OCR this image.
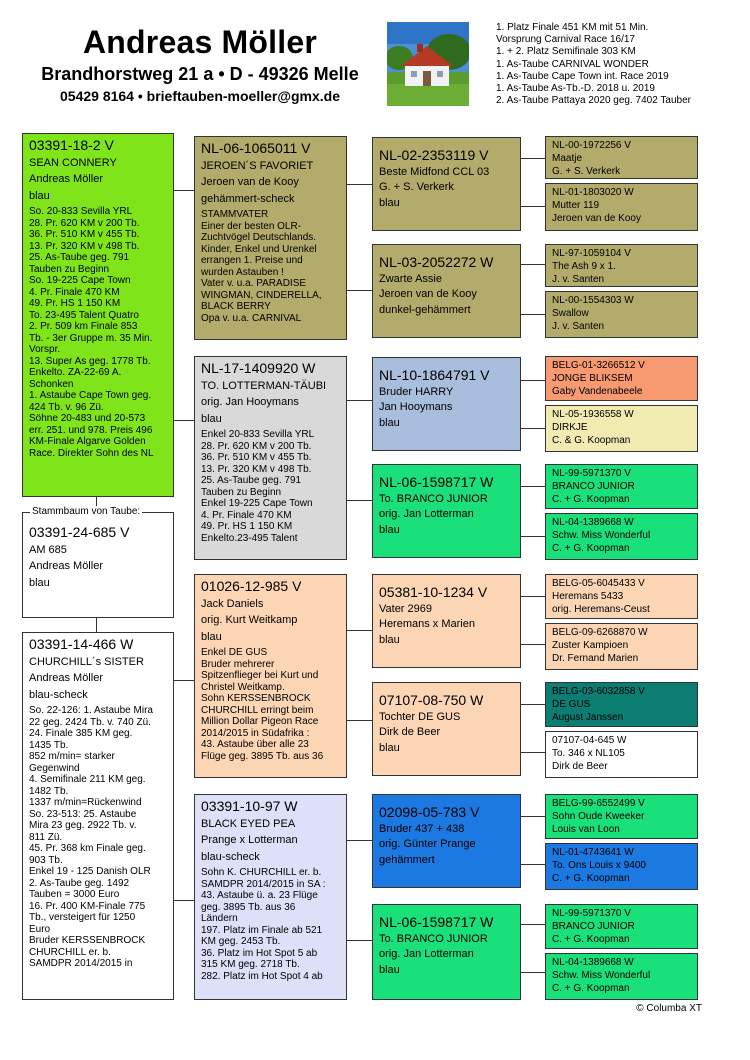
Andreas Möller
Brandhorstweg 21 a • D - 49326 Melle
05429 8164 • brieftauben-moeller@gmx.de
1. Platz Finale 451 KM mit 51 Min.
Vorsprung Carnival Race 16/17
1. + 2. Platz Semifinale 303 KM
1. As-Taube CARNIVAL WONDER
1. As-Taube Cape Town int. Race 2019
1. As-Taube As-Tb.-D. 2018 u. 2019
2. As-Taube Pattaya 2020 geg. 7402 Tauber
03391-18-2 V
SEAN CONNERY
Andreas Möller
blau
So. 20-833 Sevilla YRL
28. Pr. 620 KM v 200 Tb.
36. Pr. 510 KM v 455 Tb.
13. Pr. 320 KM v 498 Tb.
25. As-Taube geg. 791
Tauben zu Beginn
So. 19-225 Cape Town
4. Pr. Finale 470 KM
49. Pr. HS 1 150 KM
To. 23-495 Talent Quatro
2. Pr. 509 km Finale 853
Tb. - 3er Gruppe m. 35 Min.
Vorspr.
13. Super As geg. 1778 Tb.
Enkelto. ZA-22-69 A.
Schonken
1. Astaube Cape Town geg.
424 Tb. v. 96 Zü.
Söhne 20-483 und 20-573
err. 251. und 978. Preis 496
KM-Finale Algarve Golden
Race. Direkter Sohn des NL
03391-24-685 V
AM 685
Andreas Möller
blau
Stammbaum von Taube:
03391-14-466 W
CHURCHILL´s SISTER
Andreas Möller
blau-scheck
So. 22-126: 1. Astaube Mira
22 geg. 2424 Tb. v. 740 Zü.
24. Finale 385 KM geg.
1435 Tb.
852 m/min= starker
Gegenwind
4. Semifinale 211 KM geg.
1482 Tb.
1337 m/min=Rückenwind
So. 23-513: 25. Astaube
Mira 23 geg. 2922 Tb. v.
811 Zü.
45. Pr. 368 km Finale geg.
903 Tb.
Enkel 19 - 125 Danish OLR
2. As-Taube geg. 1492
Tauben = 3000 Euro
16. Pr. 400 KM-Finale 775
Tb., versteigert für 1250
Euro
Bruder KERSSENBROCK
CHURCHILL er. b.
SAMDPR 2014/2015 in
NL-06-1065011 V
JEROEN´S FAVORIET
Jeroen van de Kooy
gehämmert-scheck
STAMMVATER
Einer der besten OLR-
Zuchtvögel Deutschlands.
Kinder, Enkel und Urenkel
errangen 1. Preise und
wurden Astauben !
Vater v. u.a. PARADISE
WINGMAN, CINDERELLA,
BLACK BERRY
Opa v. u.a. CARNIVAL
NL-17-1409920 W
TO. LOTTERMAN-TÄUBI
orig. Jan Hooymans
blau
Enkel 20-833 Sevilla YRL
28. Pr. 620 KM v 200 Tb.
36. Pr. 510 KM v 455 Tb.
13. Pr. 320 KM v 498 Tb.
25. As-Taube geg. 791
Tauben zu Beginn
Enkel 19-225 Cape Town
4. Pr. Finale 470 KM
49. Pr. HS 1 150 KM
Enkelto.23-495 Talent
01026-12-985 V
Jack Daniels
orig. Kurt Weitkamp
blau
Enkel DE GUS
Bruder mehrerer
Spitzenflieger bei Kurt und
Christel Weitkamp.
Sohn KERSSENBROCK
CHURCHILL erringt beim
Million Dollar Pigeon Race
2014/2015 in Südafrika :
43. Astaube über alle 23
Flüge geg. 3895 Tb. aus 36
03391-10-97 W
BLACK EYED PEA
Prange x Lotterman
blau-scheck
Sohn K. CHURCHILL er. b.
SAMDPR 2014/2015 in SA :
43. Astaube ü. a. 23 Flüge
geg. 3895 Tb. aus 36
Ländern
197. Platz im Finale ab 521
KM geg. 2453 Tb.
36. Platz im Hot Spot 5 ab
315 KM geg. 2718 Tb.
282. Platz im Hot Spot 4 ab
NL-02-2353119 V
Beste Midfond CCL 03
G. + S. Verkerk
blau
NL-03-2052272 W
Zwarte Assie
Jeroen van de Kooy
dunkel-gehämmert
NL-10-1864791 V
Bruder HARRY
Jan Hooymans
blau
NL-06-1598717 W
To. BRANCO JUNIOR
orig. Jan Lotterman
blau
05381-10-1234 V
Vater 2969
Heremans x Marien
blau
07107-08-750 W
Tochter DE GUS
Dirk de Beer
blau
02098-05-783 V
Bruder 437 + 438
orig. Günter Prange
gehämmert
NL-06-1598717 W
To. BRANCO JUNIOR
orig. Jan Lotterman
blau
NL-00-1972256 V
Maatje
G. + S. Verkerk
NL-01-1803020 W
Mutter 119
Jeroen van de Kooy
NL-97-1059104 V
The Ash 9 x 1.
J. v. Santen
NL-00-1554303 W
Swallow
J. v. Santen
BELG-01-3266512 V
JONGE BLIKSEM
Gaby Vandenabeele
NL-05-1936558 W
DIRKJE
C. & G. Koopman
NL-99-5971370 V
BRANCO JUNIOR
C. + G. Koopman
NL-04-1389668 W
Schw. Miss Wonderful
C. + G. Koopman
BELG-05-6045433 V
Heremans 5433
orig. Heremans-Ceust
BELG-09-6268870 W
Zuster Kampioen
Dr. Fernand Marien
BELG-03-6032858 V
DE GUS
August Janssen
07107-04-645 W
To. 346 x NL105
Dirk de Beer
BELG-99-6552499 V
Sohn Oude Kweeker
Louis van Loon
NL-01-4743641 W
To. Ons Louis x 9400
C. + G. Koopman
NL-99-5971370 V
BRANCO JUNIOR
C. + G. Koopman
NL-04-1389668 W
Schw. Miss Wonderful
C. + G. Koopman
© Columba XT
